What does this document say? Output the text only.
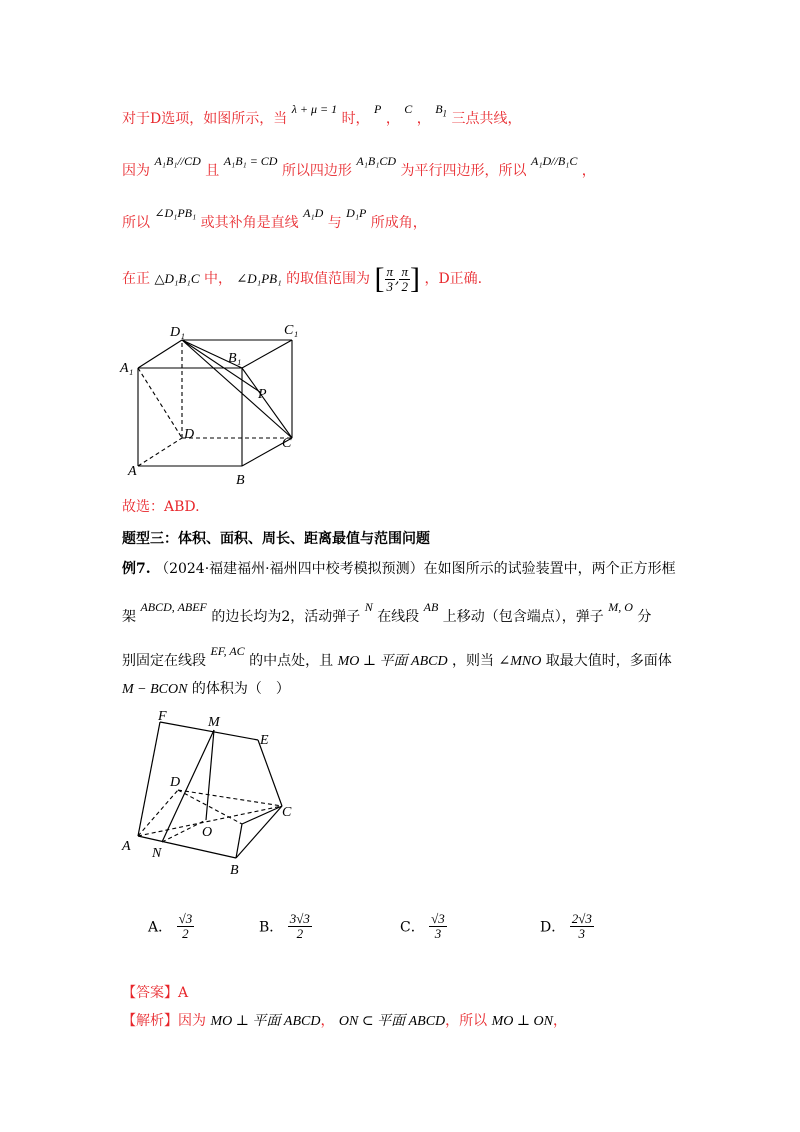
对于D选项，如图所示，当 λ + μ = 1 时， P ， C ， $B_1$ 三点共线，
因为 A₁B₁//CD 且 A₁B₁ = CD 所以四边形 A₁B₁CD 为平行四边形，所以 A₁D//B₁C ，
所以 ∠D₁PB₁ 或其补角是直线 A₁D 与 D₁P 所成角，
在正 △D₁B₁C 中， ∠D₁PB₁ 的取值范围为 [ $\frac{\pi}{3}$ , $\frac{\pi}{2}$ ] ，D正确.
D₁	C₁
B₁
A₁
P
D
C
A
B
故选：ABD.
题型三：体积、面积、周长、距离最值与范围问题
例7. （2024·福建福州·福州四中校考模拟预测）在如图所示的试验装置中，两个正方形框
架 ABCD, ABEF 的边长均为2，活动弹子 N 在线段 AB 上移动（包含端点），弹子 M, O 分
别固定在线段 EF, AC 的中点处，且 MO ⊥ 平面 ABCD ，则当 ∠MNO 取最大值时，多面体
M − BCON 的体积为（　）
F	M
E
D
C
O
A N
B
A． $\frac{√3}{2}$	B． $\frac{3√3}{2}$	C． $\frac{√3}{3}$	D． $\frac{2√3}{3}$
【答案】A
【解析】因为 MO ⊥ 平面 ABCD， ON ⊂ 平面 ABCD，所以 MO ⊥ ON，
